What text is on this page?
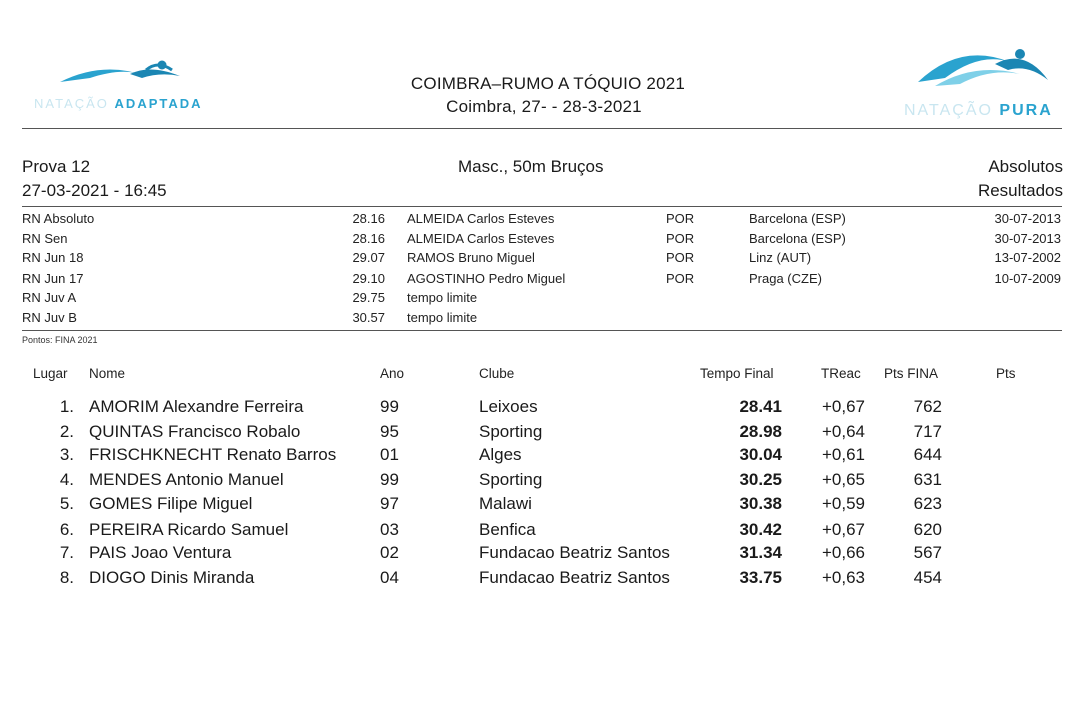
NATAÇÃO ADAPTADA	NATAÇÃO PURA
COIMBRA–RUMO A TÓQUIO 2021
Coimbra, 27- - 28-3-2021
Prova 12
27-03-2021 - 16:45
Masc., 50m Bruços	Absolutos
Resultados
RN Absoluto	28.16 ALMEIDA Carlos Esteves	POR	Barcelona (ESP)	30-07-2013
RN Sen	28.16 ALMEIDA Carlos Esteves	POR	Barcelona (ESP)	30-07-2013
RN Jun 18	29.07 RAMOS Bruno Miguel	POR	Linz (AUT)	13-07-2002
RN Jun 17	29.10 AGOSTINHO Pedro Miguel	POR	Praga (CZE)	10-07-2009
RN Juv A	29.75 tempo limite
RN Juv B	30.57 tempo limite
Pontos: FINA 2021
Lugar Nome	Ano	Clube	Tempo Final	TReac Pts FINA	Pts
1. AMORIM Alexandre Ferreira	99	Leixoes	28.41 +0,67	762
2. QUINTAS Francisco Robalo	95	Sporting	28.98 +0,64	717
3. FRISCHKNECHT Renato Barros	01	Alges	30.04 +0,61	644
4. MENDES Antonio Manuel	99	Sporting	30.25 +0,65	631
5. GOMES Filipe Miguel	97	Malawi	30.38 +0,59	623
6. PEREIRA Ricardo Samuel	03	Benfica	30.42 +0,67	620
7. PAIS Joao Ventura	02	Fundacao Beatriz Santos	31.34 +0,66	567
8. DIOGO Dinis Miranda	04	Fundacao Beatriz Santos	33.75 +0,63	454
